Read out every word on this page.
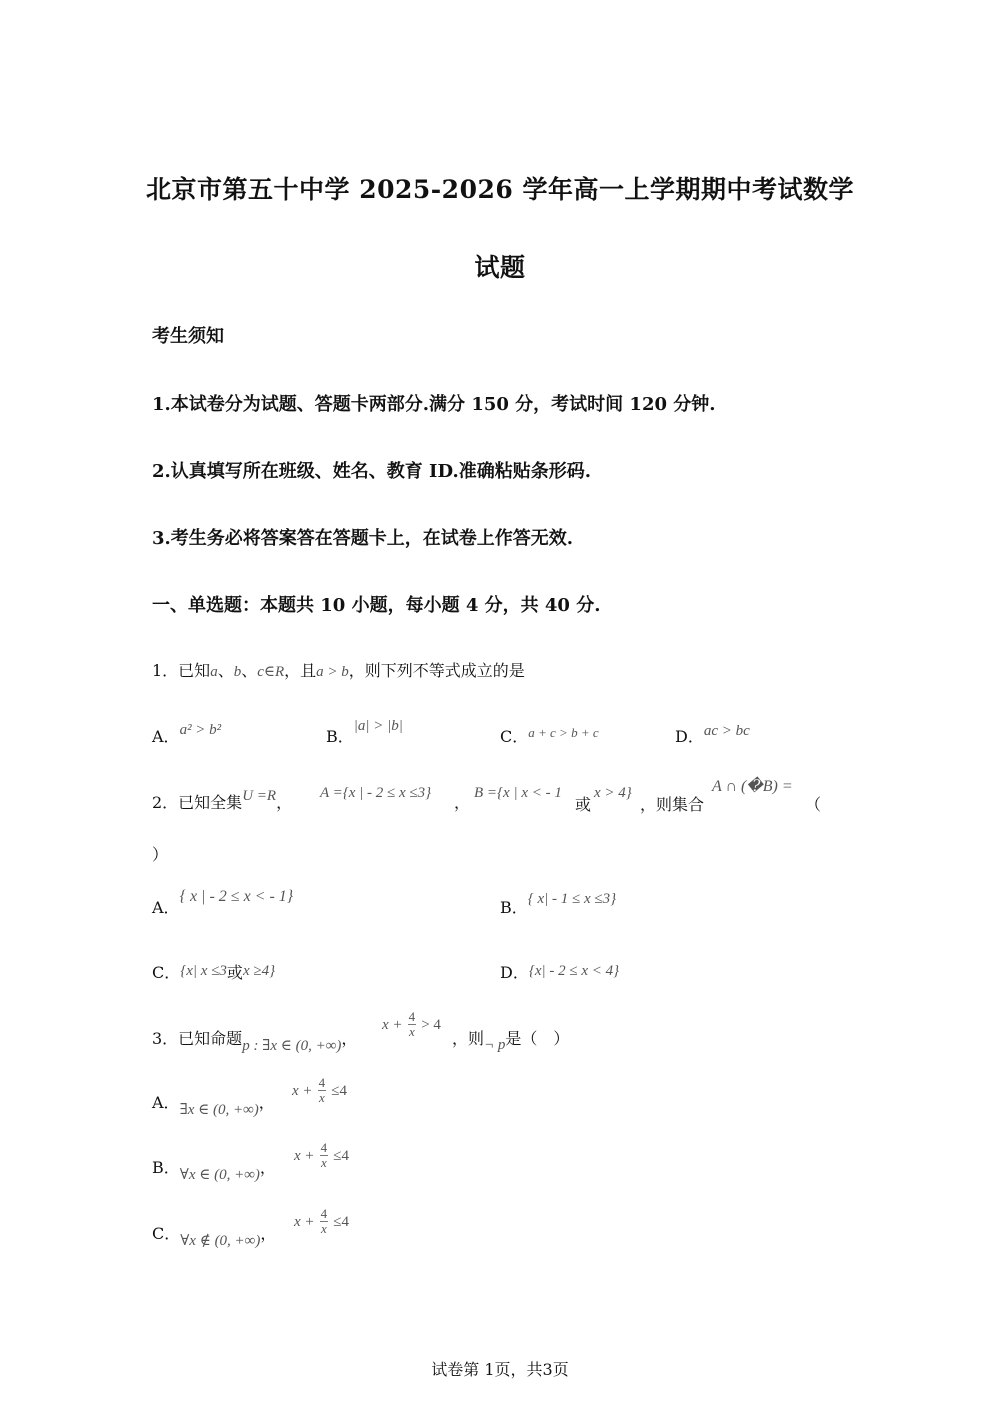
北京市第五十中学 2025-2026 学年高一上学期期中考试数学
试题
考生须知
1.本试卷分为试题、答题卡两部分.满分 150 分，考试时间 120 分钟.
2.认真填写所在班级、姓名、教育 ID.准确粘贴条形码.
3.考生务必将答案答在答题卡上，在试卷上作答无效.
一、单选题：本题共 10 小题，每小题 4 分，共 40 分.
1．已知a、b、c∈R，且a > b，则下列不等式成立的是
A．a² > b²	B．|a| > |b|
C．$^{a + c > b + c}$	D．ac > bc
2．已知全集U =R， A ={x | - 2 ≤ x ≤3} ， B ={x | x < - 1
或
x > 4}
，则集合
A ∩ (�B) =
（
）
A．{ x | - 2 ≤ x < - 1}
B．{ x| - 1 ≤ x ≤3}
C．{x| x ≤3或x ≥4}	D．{x| - 2 ≤ x < 4}
3．已知命题p : ∃x ∈ (0, +∞)，
$x + \frac{4}{x} > 4$
，则¬ p是（　）
A．∃x ∈ (0, +∞)，
$x + \frac{4}{x} \le 4$
B．∀x ∈ (0, +∞)，
$x + \frac{4}{x} \le 4$
C．∀x ∉ (0, +∞)，
$x + \frac{4}{x} \le 4$
试卷第 1页，共3页
